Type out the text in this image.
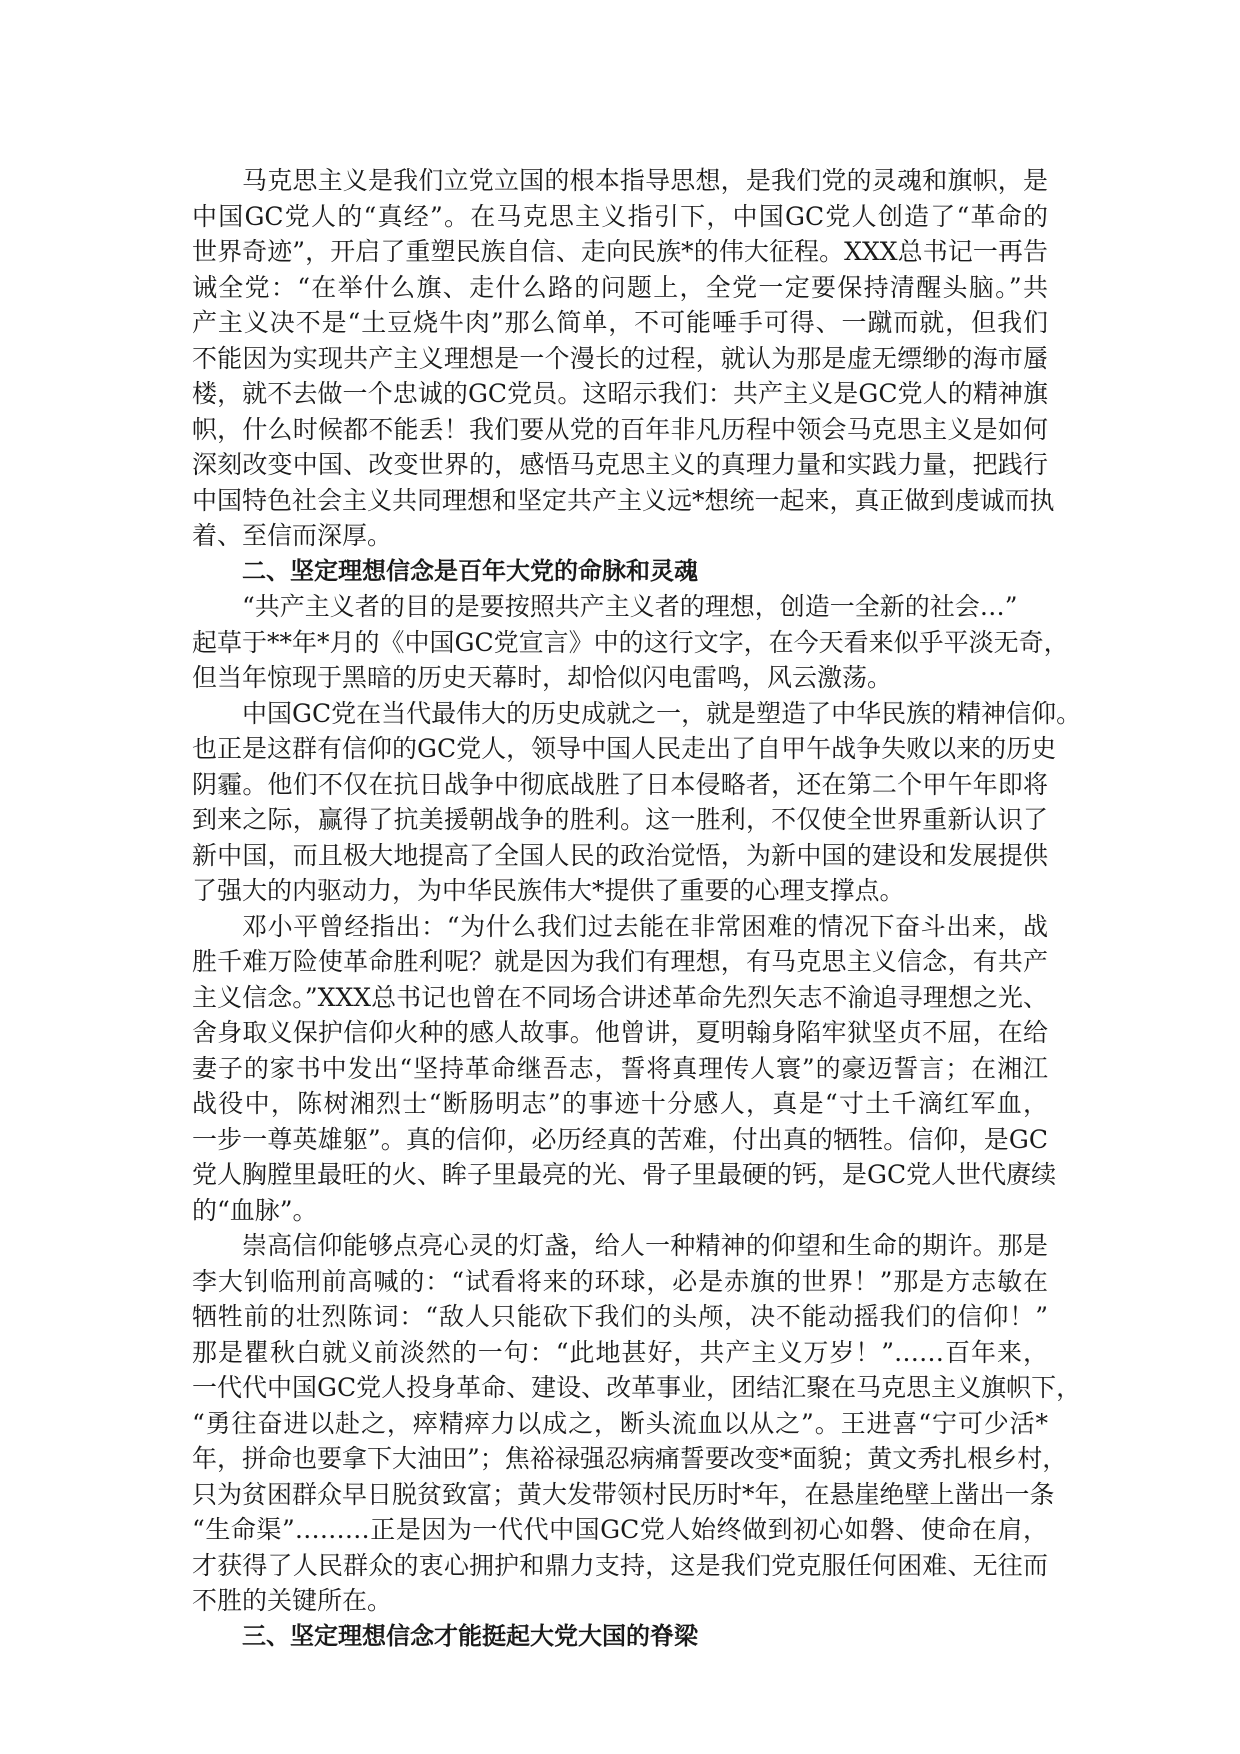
马克思主义是我们立党立国的根本指导思想，是我们党的灵魂和旗帜，是
中国GC党人的“真经”。在马克思主义指引下，中国GC党人创造了“革命的
世界奇迹”，开启了重塑民族自信、走向民族*的伟大征程。XXX总书记一再告
诫全党：“在举什么旗、走什么路的问题上，全党一定要保持清醒头脑。”共
产主义决不是“土豆烧牛肉”那么简单，不可能唾手可得、一蹴而就，但我们
不能因为实现共产主义理想是一个漫长的过程，就认为那是虚无缥缈的海市蜃
楼，就不去做一个忠诚的GC党员。这昭示我们：共产主义是GC党人的精神旗
帜，什么时候都不能丢！我们要从党的百年非凡历程中领会马克思主义是如何
深刻改变中国、改变世界的，感悟马克思主义的真理力量和实践力量，把践行
中国特色社会主义共同理想和坚定共产主义远*想统一起来，真正做到虔诚而执
着、至信而深厚。
二、坚定理想信念是百年大党的命脉和灵魂
“共产主义者的目的是要按照共产主义者的理想，创造一全新的社会…”
起草于**年*月的《中国GC党宣言》中的这行文字，在今天看来似乎平淡无奇，
但当年惊现于黑暗的历史天幕时，却恰似闪电雷鸣，风云激荡。
中国GC党在当代最伟大的历史成就之一，就是塑造了中华民族的精神信仰。
也正是这群有信仰的GC党人，领导中国人民走出了自甲午战争失败以来的历史
阴霾。他们不仅在抗日战争中彻底战胜了日本侵略者，还在第二个甲午年即将
到来之际，赢得了抗美援朝战争的胜利。这一胜利，不仅使全世界重新认识了
新中国，而且极大地提高了全国人民的政治觉悟，为新中国的建设和发展提供
了强大的内驱动力，为中华民族伟大*提供了重要的心理支撑点。
邓小平曾经指出：“为什么我们过去能在非常困难的情况下奋斗出来，战
胜千难万险使革命胜利呢？就是因为我们有理想，有马克思主义信念，有共产
主义信念。”XXX总书记也曾在不同场合讲述革命先烈矢志不渝追寻理想之光、
舍身取义保护信仰火种的感人故事。他曾讲，夏明翰身陷牢狱坚贞不屈，在给
妻子的家书中发出“坚持革命继吾志，誓将真理传人寰”的豪迈誓言；在湘江
战役中，陈树湘烈士“断肠明志”的事迹十分感人，真是“寸土千滴红军血，
一步一尊英雄躯”。真的信仰，必历经真的苦难，付出真的牺牲。信仰，是GC
党人胸膛里最旺的火、眸子里最亮的光、骨子里最硬的钙，是GC党人世代赓续
的“血脉”。
崇高信仰能够点亮心灵的灯盏，给人一种精神的仰望和生命的期许。那是
李大钊临刑前高喊的：“试看将来的环球，必是赤旗的世界！”那是方志敏在
牺牲前的壮烈陈词：“敌人只能砍下我们的头颅，决不能动摇我们的信仰！”
那是瞿秋白就义前淡然的一句：“此地甚好，共产主义万岁！”……百年来，
一代代中国GC党人投身革命、建设、改革事业，团结汇聚在马克思主义旗帜下，
“勇往奋进以赴之，瘁精瘁力以成之，断头流血以从之”。王进喜“宁可少活*
年，拼命也要拿下大油田”；焦裕禄强忍病痛誓要改变*面貌；黄文秀扎根乡村，
只为贫困群众早日脱贫致富；黄大发带领村民历时*年，在悬崖绝壁上凿出一条
“生命渠”………正是因为一代代中国GC党人始终做到初心如磐、使命在肩，
才获得了人民群众的衷心拥护和鼎力支持，这是我们党克服任何困难、无往而
不胜的关键所在。
三、坚定理想信念才能挺起大党大国的脊梁
